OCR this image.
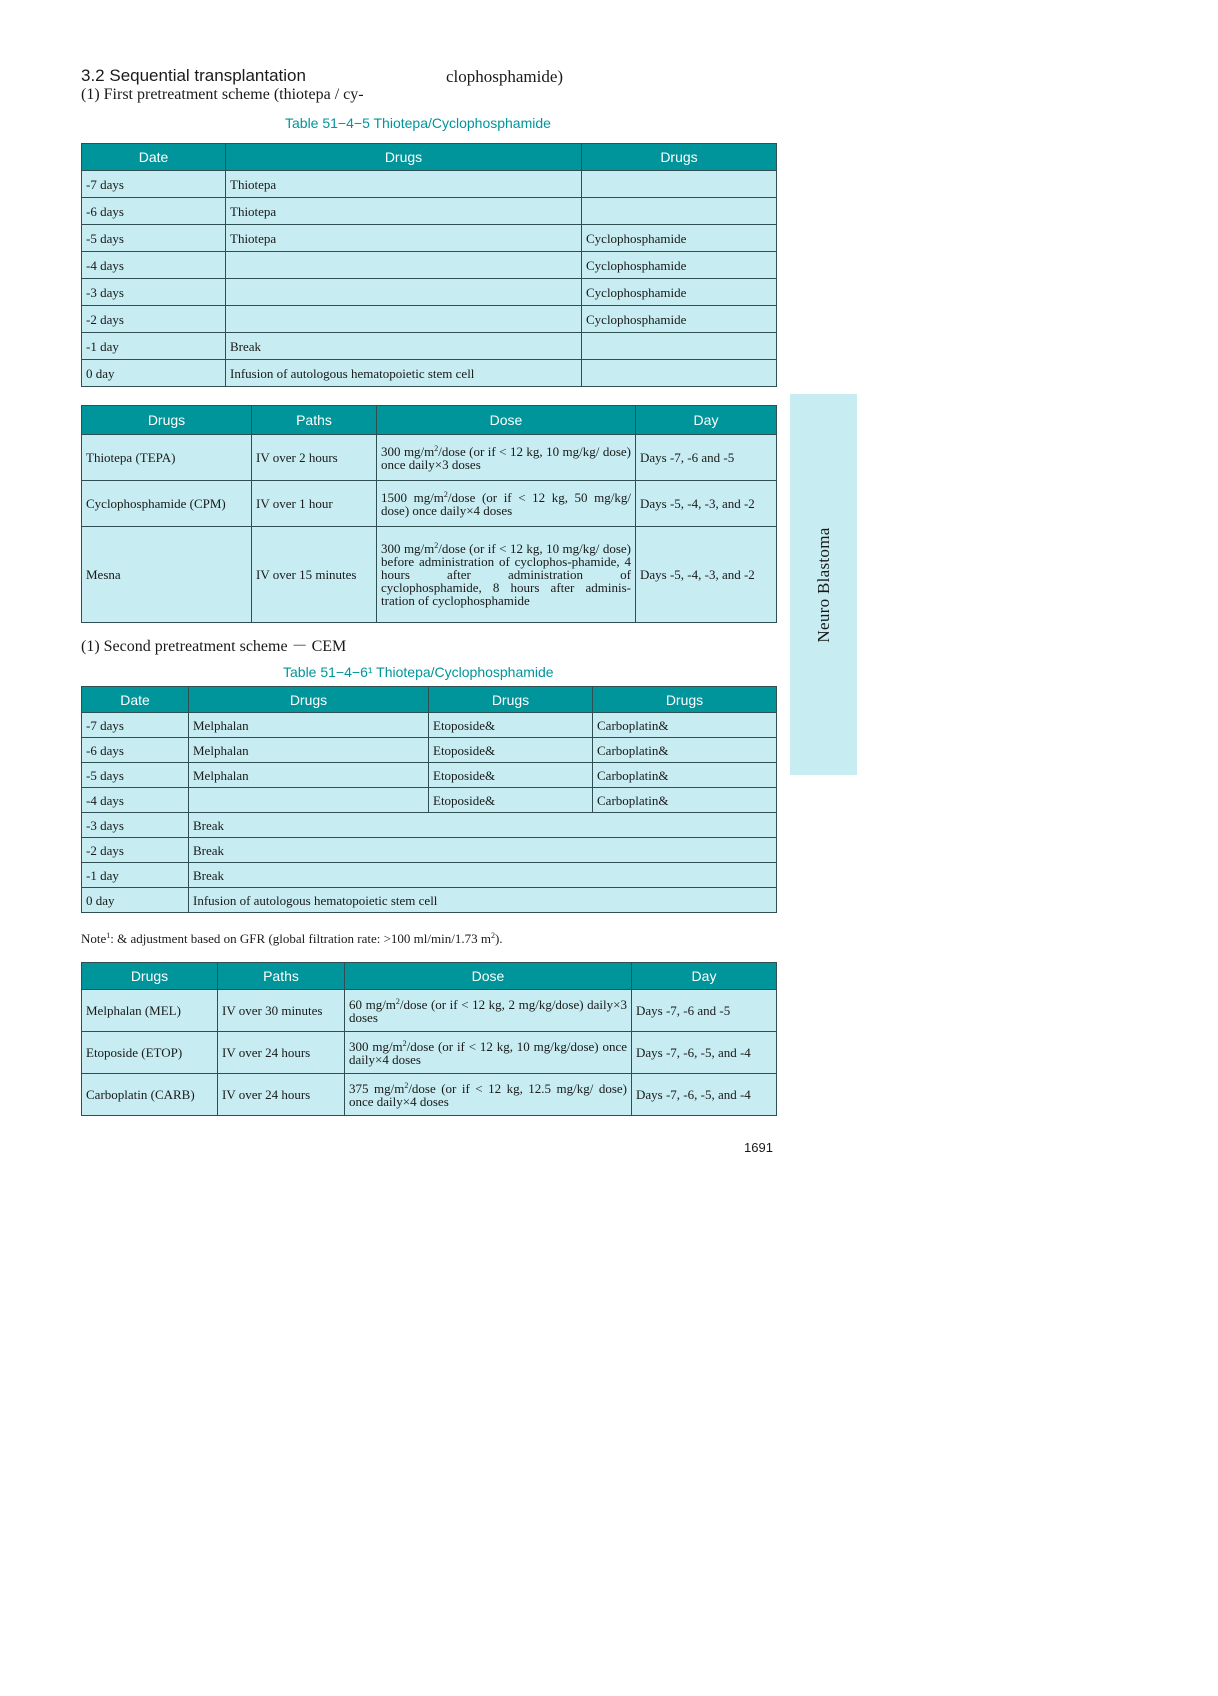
3.2 Sequential transplantation	clophosphamide)
(1) First pretreatment scheme (thiotepa / cy-
Table 51−4−5 Thiotepa/Cyclophosphamide
Date	Drugs	Drugs
-7 days	Thiotepa	
-6 days	Thiotepa	
-5 days	Thiotepa	Cyclophosphamide
-4 days		Cyclophosphamide
-3 days		Cyclophosphamide
-2 days		Cyclophosphamide
-1 day	Break	
0 day	Infusion of autologous hematopoietic stem cell	
Drugs	Paths	Dose	Day
Thiotepa (TEPA)	IV over 2 hours	300 $mg/m^2$/dose (or if < 12 kg, 10 mg/kg/ dose) once daily×3 doses	Days -7, -6 and -5
Cyclophosphamide (CPM)	IV over 1 hour	1500 $mg/m^2$/dose (or if < 12 kg, 50 mg/kg/ dose) once daily×4 doses	Days -5, -4, -3, and -2
Mesna	IV over 15 minutes	300 $mg/m^2$/dose (or if < 12 kg, 10 mg/kg/ dose) before administration of cyclophos-phamide, 4 hours after administration of cyclophosphamide, 8 hours after adminis-tration of cyclophosphamide	Days -5, -4, -3, and -2
(1) Second pretreatment scheme － CEM
Table 51−4−6¹ Thiotepa/Cyclophosphamide
Date	Drugs	Drugs	Drugs
-7 days	Melphalan	Etoposide&	Carboplatin&
-6 days	Melphalan	Etoposide&	Carboplatin&
-5 days	Melphalan	Etoposide&	Carboplatin&
-4 days		Etoposide&	Carboplatin&
-3 days	Break		
-2 days	Break		
-1 day	Break		
0 day	Infusion of autologous hematopoietic stem cell		
Note$^1$: & adjustment based on GFR (global filtration rate: >100 ml/min/1.73 $m^2$).
Drugs	Paths	Dose	Day
Melphalan (MEL)	IV over 30 minutes	60 $mg/m^2$/dose (or if < 12 kg, 2 mg/kg/dose) daily×3 doses	Days -7, -6 and -5
Etoposide (ETOP)	IV over 24 hours	300 $mg/m^2$/dose (or if < 12 kg, 10 mg/kg/dose) once daily×4 doses	Days -7, -6, -5, and -4
Carboplatin (CARB)	IV over 24 hours	375 $mg/m^2$/dose (or if < 12 kg, 12.5 mg/kg/ dose) once daily×4 doses	Days -7, -6, -5, and -4
1691
Neuro Blastoma
